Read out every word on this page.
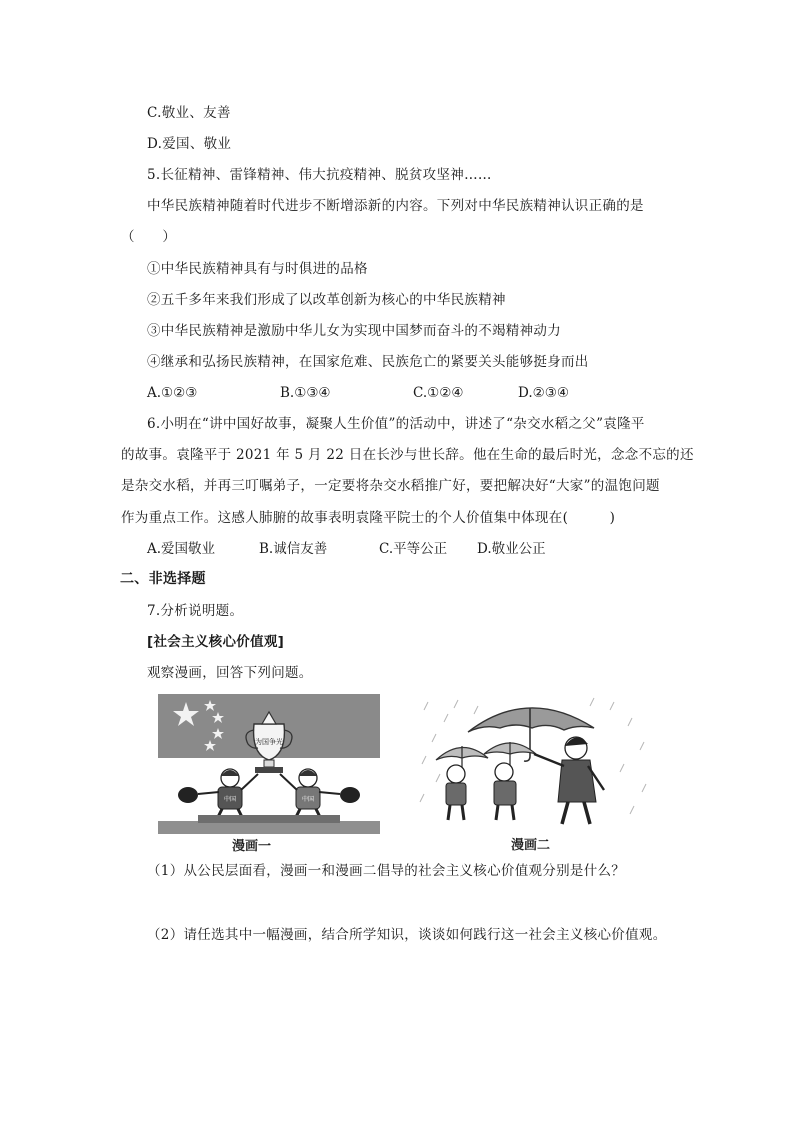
C.敬业、友善
D.爱国、敬业
5.长征精神、雷锋精神、伟大抗疫精神、脱贫攻坚神……
中华民族精神随着时代进步不断增添新的内容。下列对中华民族精神认识正确的是
（　　）
①中华民族精神具有与时俱进的品格
②五千多年来我们形成了以改革创新为核心的中华民族精神
③中华民族精神是激励中华儿女为实现中国梦而奋斗的不竭精神动力
④继承和弘扬民族精神，在国家危难、民族危亡的紧要关头能够挺身而出
A.①②③	B.①③④	C.①②④	D.②③④
6.小明在“讲中国好故事，凝聚人生价值”的活动中，讲述了“杂交水稻之父”袁隆平
的故事。袁隆平于 2021 年 5 月 22 日在长沙与世长辞。他在生命的最后时光，念念不忘的还
是杂交水稻，并再三叮嘱弟子，一定要将杂交水稻推广好，要把解决好“大家”的温饱问题
作为重点工作。这感人肺腑的故事表明袁隆平院士的个人价值集中体现在(　　　)
A.爱国敬业	B.诚信友善	C.平等公正 D.敬业公正
二、非选择题
7.分析说明题。
[社会主义核心价值观]
观察漫画，回答下列问题。
为国争光
中国	中国
漫画一	漫画二
（1）从公民层面看，漫画一和漫画二倡导的社会主义核心价值观分别是什么？
（2）请任选其中一幅漫画，结合所学知识，谈谈如何践行这一社会主义核心价值观。
